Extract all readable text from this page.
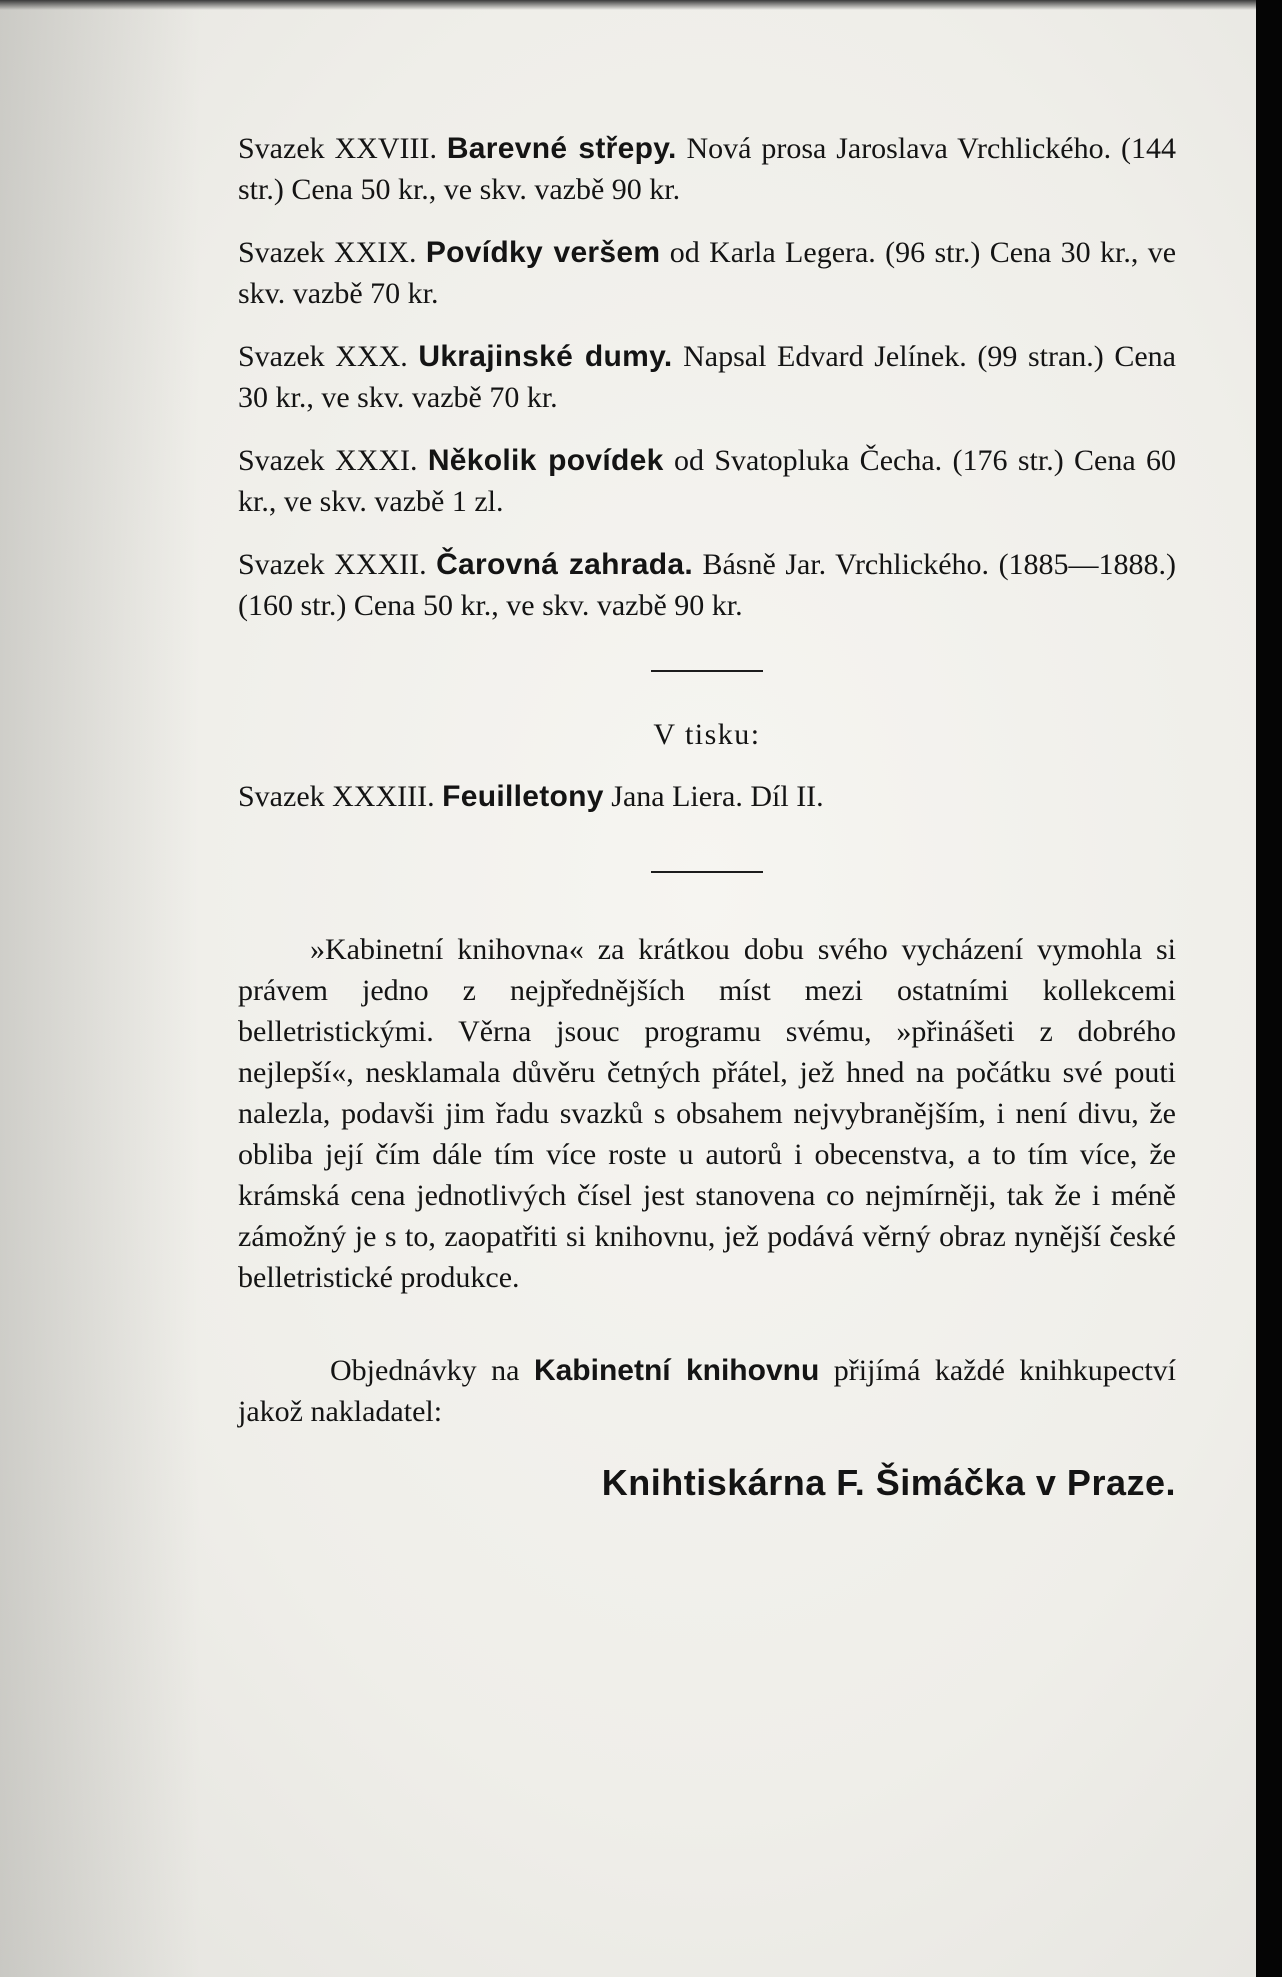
Svazek XXVIII. Barevné střepy. Nová prosa Jaroslava Vrchlického. (144 str.) Cena 50 kr., ve skv. vazbě 90 kr.
Svazek XXIX. Povídky veršem od Karla Legera. (96 str.) Cena 30 kr., ve skv. vazbě 70 kr.
Svazek XXX. Ukrajinské dumy. Napsal Edvard Jelínek. (99 stran.) Cena 30 kr., ve skv. vazbě 70 kr.
Svazek XXXI. Několik povídek od Svatopluka Čecha. (176 str.) Cena 60 kr., ve skv. vazbě 1 zl.
Svazek XXXII. Čarovná zahrada. Básně Jar. Vrchlického. (1885—1888.) (160 str.) Cena 50 kr., ve skv. vazbě 90 kr.
V tisku:
Svazek XXXIII. Feuilletony Jana Liera. Díl II.
»Kabinetní knihovna« za krátkou dobu svého vycházení vymohla si právem jedno z nejpřednějších míst mezi ostatními kollekcemi belletristickými. Věrna jsouc programu svému, »přinášeti z dobrého nejlepší«, nesklamala důvěru četných přátel, jež hned na počátku své pouti nalezla, podavši jim řadu svazků s obsahem nejvybranějším, i není divu, že obliba její čím dále tím více roste u autorů i obecenstva, a to tím více, že krámská cena jednotlivých čísel jest stanovena co nejmírněji, tak že i méně zámožný je s to, zaopatřiti si knihovnu, jež podává věrný obraz nynější české belletristické produkce.
Objednávky na Kabinetní knihovnu přijímá každé knihkupectví jakož nakladatel:
Knihtiskárna F. Šimáčka v Praze.
